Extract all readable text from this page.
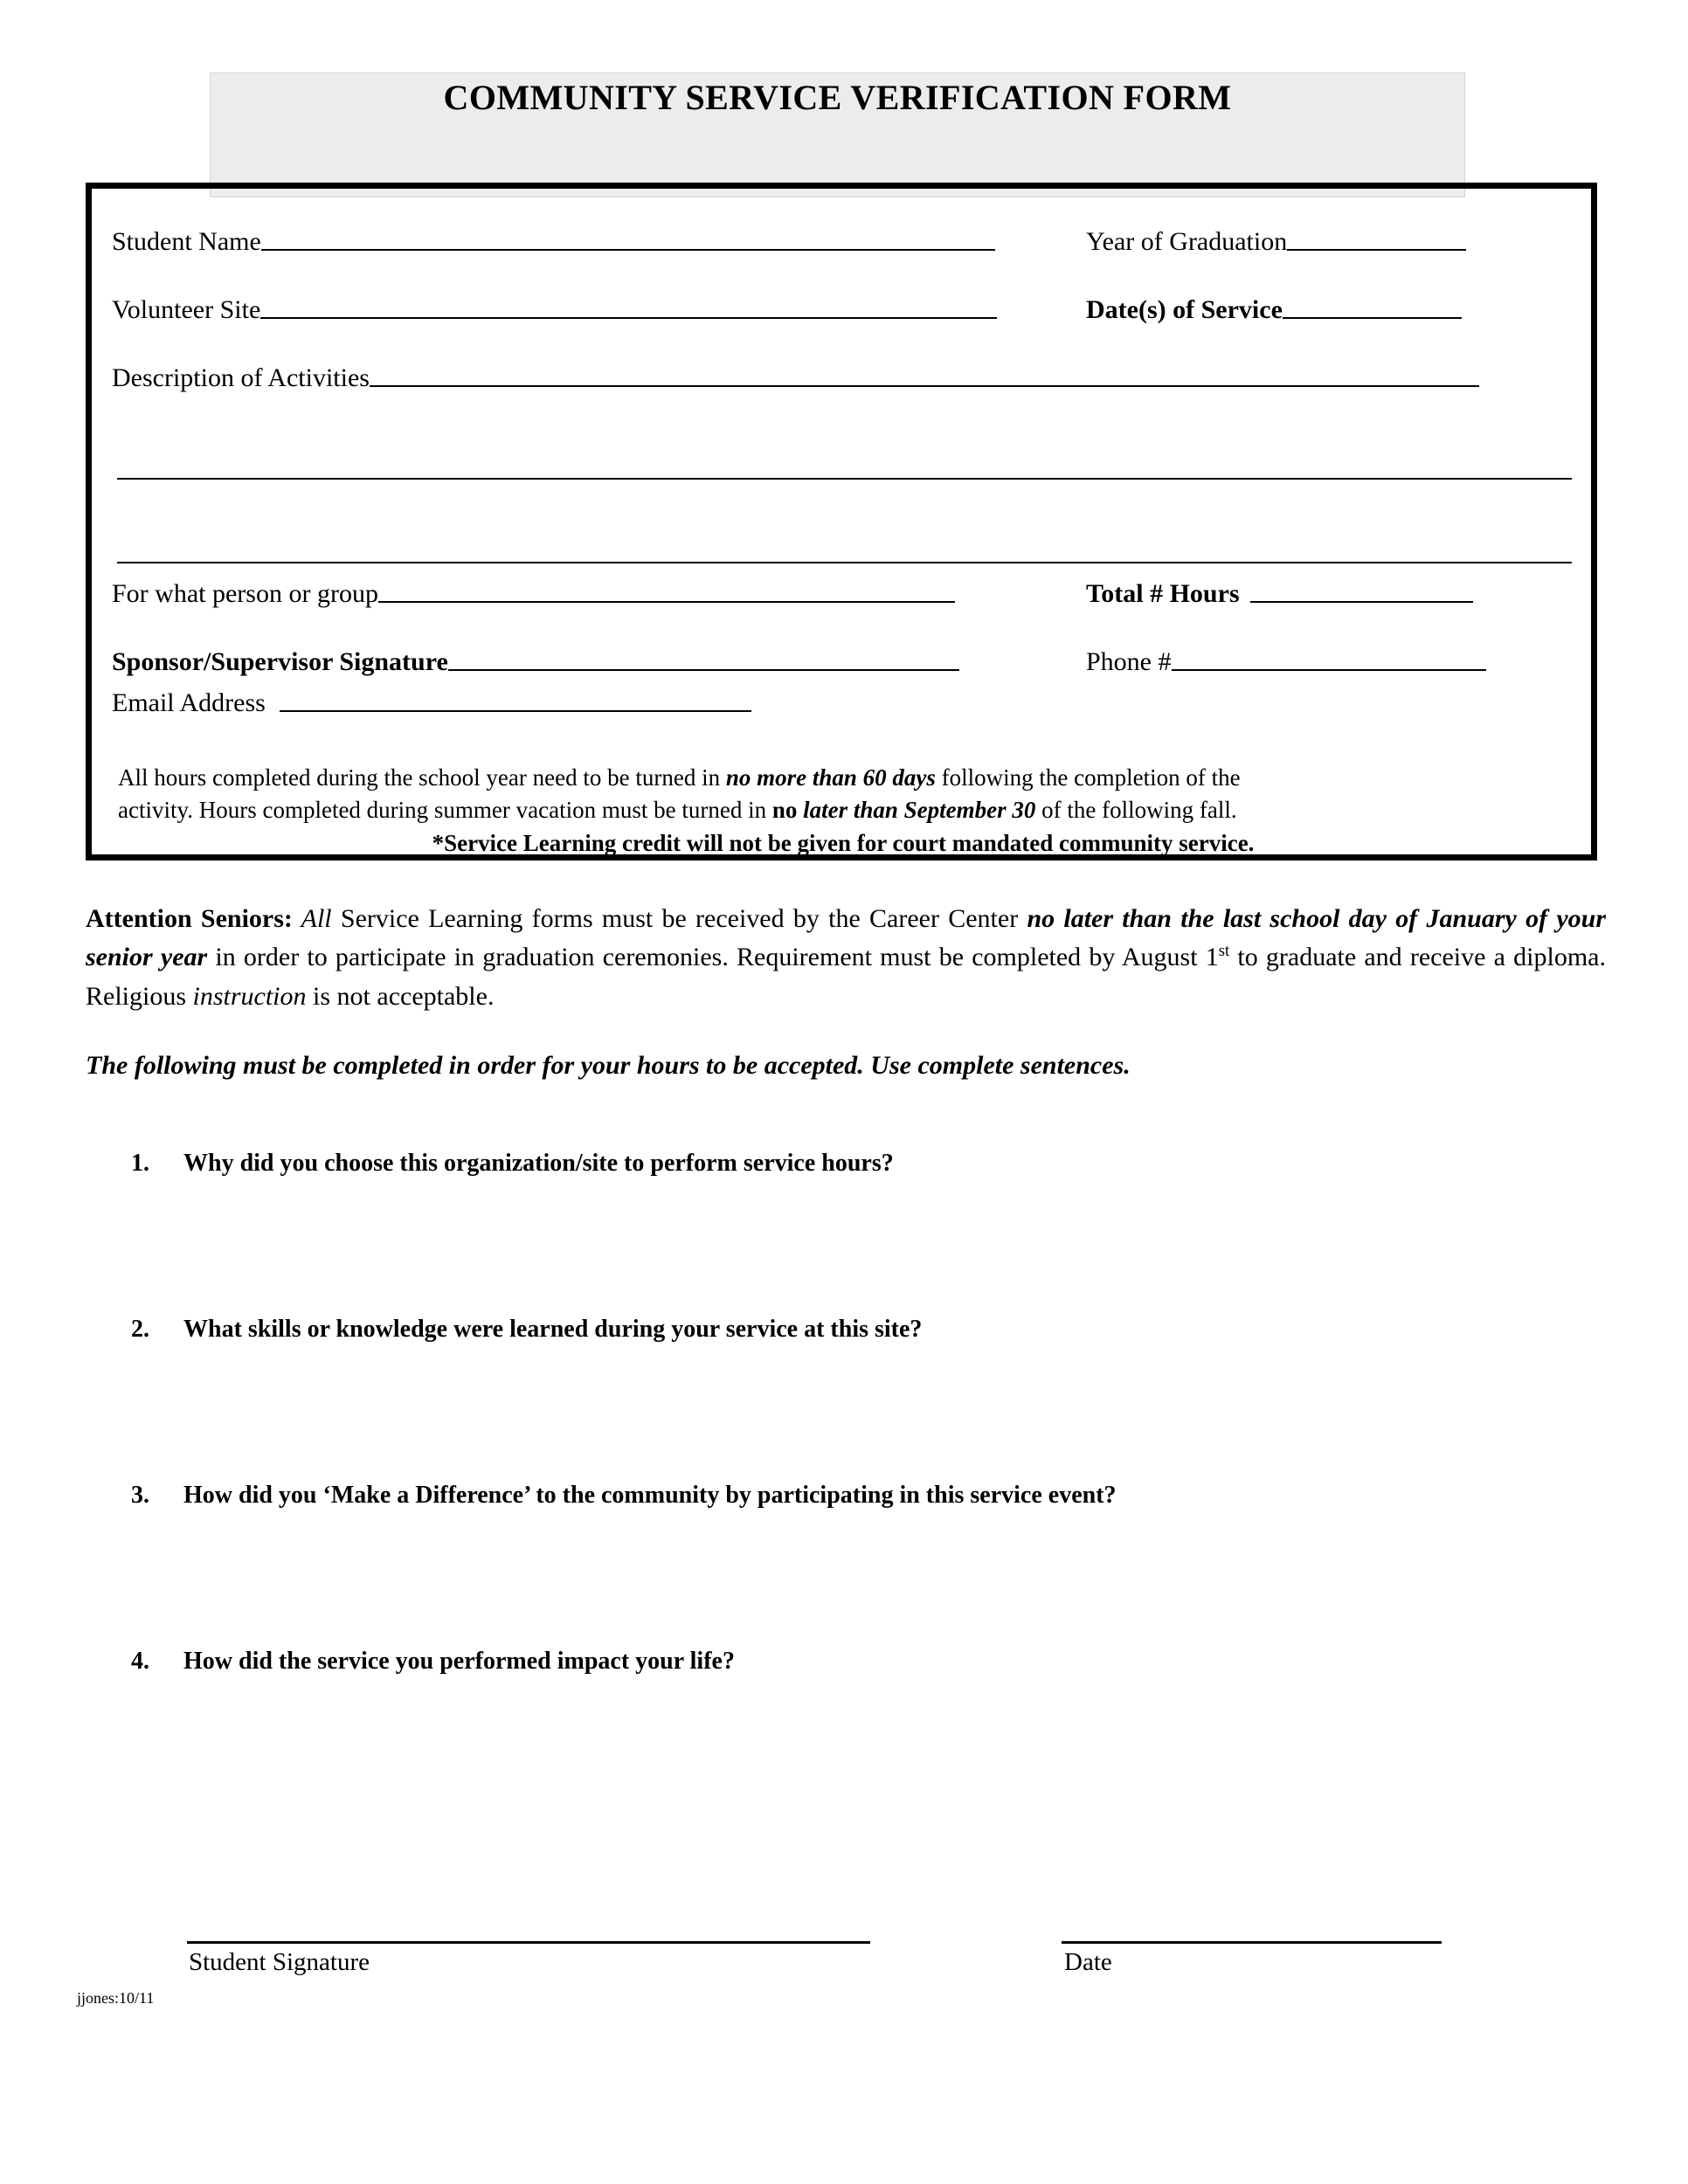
COMMUNITY SERVICE VERIFICATION FORM
Student Name	Year of Graduation
Volunteer Site	Date(s) of Service
Description of Activities
For what person or group	Total # Hours
Sponsor/Supervisor Signature	Phone #
Email Address
All hours completed during the school year need to be turned in no more than 60 days following the completion of the
activity. Hours completed during summer vacation must be turned in no later than September 30 of the following fall.
*Service Learning credit will not be given for court mandated community service.
Attention Seniors: All Service Learning forms must be received by the Career Center no later than the last school day of January of your senior year in order to participate in graduation ceremonies. Requirement must be completed by August 1st to graduate and receive a diploma. Religious instruction is not acceptable.
The following must be completed in order for your hours to be accepted. Use complete sentences.
1.	Why did you choose this organization/site to perform service hours?
2.	What skills or knowledge were learned during your service at this site?
3.	How did you ‘Make a Difference’ to the community by participating in this service event?
4.	How did the service you performed impact your life?
Student Signature	Date
jjones:10/11
